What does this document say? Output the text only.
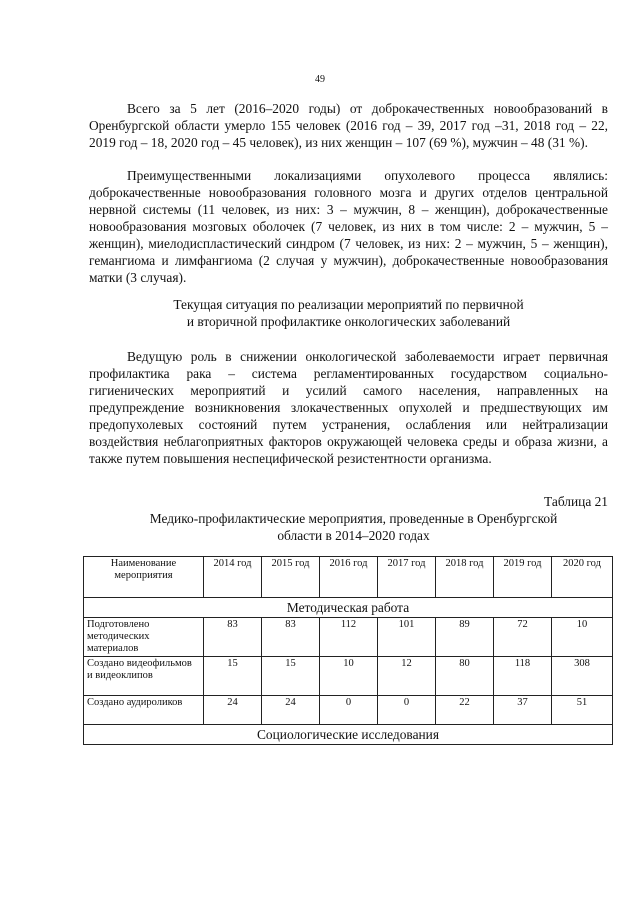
49

Всего за 5 лет (2016–2020 годы) от доброкачественных новообразований в Оренбургской области умерло 155 человек (2016 год – 39, 2017 год –31, 2018 год – 22, 2019 год – 18, 2020 год – 45 человек), из них женщин – 107 (69 %), мужчин – 48 (31 %).

Преимущественными локализациями опухолевого процесса являлись: доброкачественные новообразования головного мозга и других отделов центральной нервной системы (11 человек, из них: 3 – мужчин, 8 – женщин), доброкачественные новообразования мозговых оболочек (7 человек, из них в том числе: 2 – мужчин, 5 – женщин), миелодиспластический синдром (7 человек, из них: 2 – мужчин, 5 – женщин), гемангиома и лимфангиома (2 случая у мужчин), доброкачественные новообразования матки (3 случая).

Текущая ситуация по реализации мероприятий по первичной
и вторичной профилактике онкологических заболеваний

Ведущую роль в снижении онкологической заболеваемости играет первичная профилактика рака – система регламентированных государством социально-гигиенических мероприятий и усилий самого населения, направленных на предупреждение возникновения злокачественных опухолей и предшествующих им предопухолевых состояний путем устранения, ослабления или нейтрализации воздействия неблагоприятных факторов окружающей человека среды и образа жизни, а также путем повышения неспецифической резистентности организма.

Таблица 21
Медико-профилактические мероприятия, проведенные в Оренбургской
области в 2014–2020 годах
Наименование мероприятия	2014 год	2015 год	2016 год	2017 год	2018 год	2019 год	2020 год
Методическая работа							
Подготовлено методических материалов	83	83	112	101	89	72	10
Создано видеофильмов и видеоклипов	15	15	10	12	80	118	308
Создано аудироликов	24	24	0	0	22	37	51
Социологические исследования							
